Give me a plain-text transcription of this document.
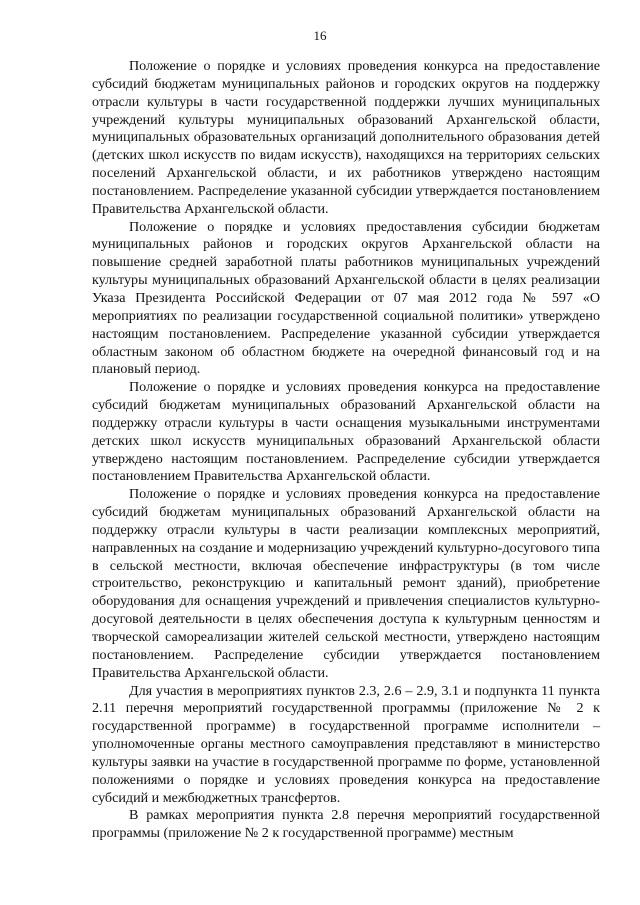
16

Положение о порядке и условиях проведения конкурса на предоставление субсидий бюджетам муниципальных районов и городских округов на поддержку отрасли культуры в части государственной поддержки лучших муниципальных учреждений культуры муниципальных образований Архангельской области, муниципальных образовательных организаций дополнительного образования детей (детских школ искусств по видам искусств), находящихся на территориях сельских поселений Архангельской области, и их работников утверждено настоящим постановлением. Распределение указанной субсидии утверждается постановлением Правительства Архангельской области.

Положение о порядке и условиях предоставления субсидии бюджетам муниципальных районов и городских округов Архангельской области на повышение средней заработной платы работников муниципальных учреждений культуры муниципальных образований Архангельской области в целях реализации Указа Президента Российской Федерации от 07 мая 2012 года № 597 «О мероприятиях по реализации государственной социальной политики» утверждено настоящим постановлением. Распределение указанной субсидии утверждается областным законом об областном бюджете на очередной финансовый год и на плановый период.

Положение о порядке и условиях проведения конкурса на предоставление субсидий бюджетам муниципальных образований Архангельской области на поддержку отрасли культуры в части оснащения музыкальными инструментами детских школ искусств муниципальных образований Архангельской области утверждено настоящим постановлением. Распределение субсидии утверждается постановлением Правительства Архангельской области.

Положение о порядке и условиях проведения конкурса на предоставление субсидий бюджетам муниципальных образований Архангельской области на поддержку отрасли культуры в части реализации комплексных мероприятий, направленных на создание и модернизацию учреждений культурно-досугового типа в сельской местности, включая обеспечение инфраструктуры (в том числе строительство, реконструкцию и капитальный ремонт зданий), приобретение оборудования для оснащения учреждений и привлечения специалистов культурно-досуговой деятельности в целях обеспечения доступа к культурным ценностям и творческой самореализации жителей сельской местности, утверждено настоящим постановлением. Распределение субсидии утверждается постановлением Правительства Архангельской области.

Для участия в мероприятиях пунктов 2.3, 2.6 – 2.9, 3.1 и подпункта 11 пункта 2.11 перечня мероприятий государственной программы (приложение № 2 к государственной программе) в государственной программе исполнители – уполномоченные органы местного самоуправления представляют в министерство культуры заявки на участие в государственной программе по форме, установленной положениями о порядке и условиях проведения конкурса на предоставление субсидий и межбюджетных трансфертов.

В рамках мероприятия пункта 2.8 перечня мероприятий государственной программы (приложение № 2 к государственной программе) местным
